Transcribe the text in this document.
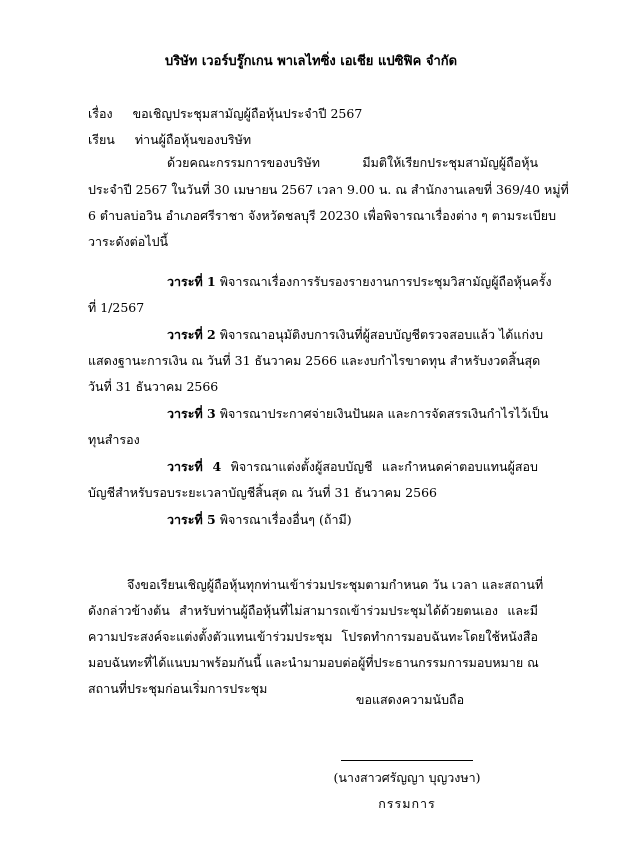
บริษัท เวอร์บรู๊กเกน พาเลไทซิ่ง เอเชีย แปซิฟิค จำกัด
เรื่อง ขอเชิญประชุมสามัญผู้ถือหุ้นประจำปี 2567
เรียน ท่านผู้ถือหุ้นของบริษัท
ด้วยคณะกรรมการของบริษัท มีมติให้เรียกประชุมสามัญผู้ถือหุ้น
ประจำปี 2567 ในวันที่ 30 เมษายน 2567 เวลา 9.00 น. ณ สำนักงานเลขที่ 369/40 หมู่ที่
6 ตำบลบ่อวิน อำเภอศรีราชา จังหวัดชลบุรี 20230 เพื่อพิจารณาเรื่องต่าง ๆ ตามระเบียบ
วาระดังต่อไปนี้
วาระที่ 1 พิจารณาเรื่องการรับรองรายงานการประชุมวิสามัญผู้ถือหุ้นครั้ง
ที่ 1/2567
วาระที่ 2 พิจารณาอนุมัติงบการเงินที่ผู้สอบบัญชีตรวจสอบแล้ว ได้แก่งบ
แสดงฐานะการเงิน ณ วันที่ 31 ธันวาคม 2566 และงบกำไรขาดทุน สำหรับงวดสิ้นสุด
วันที่ 31 ธันวาคม 2566
วาระที่ 3 พิจารณาประกาศจ่ายเงินปันผล และการจัดสรรเงินกำไรไว้เป็น
ทุนสำรอง
วาระที่ 4 พิจารณาแต่งตั้งผู้สอบบัญชี และกำหนดค่าตอบแทนผู้สอบ
บัญชีสำหรับรอบระยะเวลาบัญชีสิ้นสุด ณ วันที่ 31 ธันวาคม 2566
วาระที่ 5 พิจารณาเรื่องอื่นๆ (ถ้ามี)
จึงขอเรียนเชิญผู้ถือหุ้นทุกท่านเข้าร่วมประชุมตามกำหนด วัน เวลา และสถานที่
ดังกล่าวข้างต้น สำหรับท่านผู้ถือหุ้นที่ไม่สามารถเข้าร่วมประชุมได้ด้วยตนเอง และมี
ความประสงค์จะแต่งตั้งตัวแทนเข้าร่วมประชุม โปรดทำการมอบฉันทะโดยใช้หนังสือ
มอบฉันทะที่ได้แนบมาพร้อมกันนี้ และนำมามอบต่อผู้ที่ประธานกรรมการมอบหมาย ณ
สถานที่ประชุมก่อนเริ่มการประชุม
ขอแสดงความนับถือ
(นางสาวศรัญญา บุญวงษา)
กรรมการ
